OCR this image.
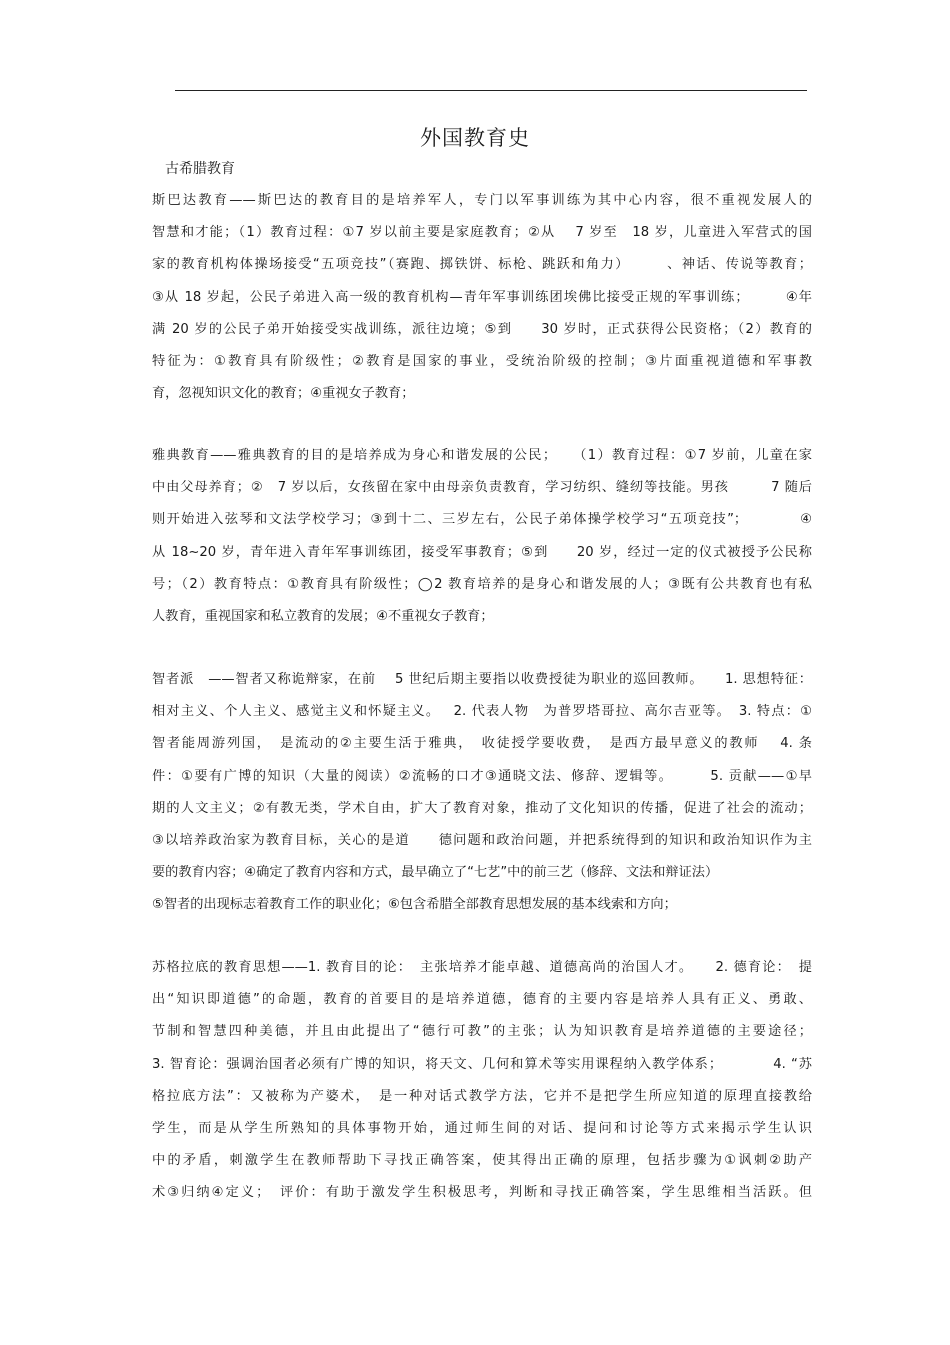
外国教育史
古希腊教育
斯巴达教育——斯巴达的教育目的是培养军人，专门以军事训练为其中心内容，很不重视发展人的
智慧和才能；（1）教育过程：①7 岁以前主要是家庭教育；②从　 7 岁至　18 岁，儿童进入军营式的国
家的教育机构体操场接受“五项竞技”（赛跑、掷铁饼、标枪、跳跃和角力）　　　、神话、传说等教育；
③从 18 岁起，公民子弟进入高一级的教育机构—青年军事训练团埃佛比接受正规的军事训练；　　　④年
满 20 岁的公民子弟开始接受实战训练，派往边境；⑤到　　30 岁时，正式获得公民资格；（2）教育的
特征为：①教育具有阶级性；②教育是国家的事业，受统治阶级的控制；③片面重视道德和军事教
育，忽视知识文化的教育；④重视女子教育；
雅典教育——雅典教育的目的是培养成为身心和谐发展的公民；　　（1）教育过程：①7 岁前，儿童在家
中由父母养育；②　7 岁以后，女孩留在家中由母亲负责教育，学习纺织、缝纫等技能。男孩　　　7 随后
则开始进入弦琴和文法学校学习；③到十二、三岁左右，公民子弟体操学校学习“五项竞技”；　　　　④
从 18~20 岁，青年进入青年军事训练团，接受军事教育；⑤到　　20 岁，经过一定的仪式被授予公民称
号；（2）教育特点：①教育具有阶级性；◯2 教育培养的是身心和谐发展的人；③既有公共教育也有私
人教育，重视国家和私立教育的发展；④不重视女子教育；
智者派　——智者又称诡辩家，在前　 5 世纪后期主要指以收费授徒为职业的巡回教师。　　1. 思想特征：
相对主义、个人主义、感觉主义和怀疑主义。　 2. 代表人物　为普罗塔哥拉、高尔吉亚等。　3. 特点：①
智者能周游列国，　是流动的②主要生活于雅典，　收徒授学要收费，　是西方最早意义的教师　 4. 条
件：①要有广博的知识（大量的阅读）②流畅的口才③通晓文法、修辞、逻辑等。　　　5. 贡献——①早
期的人文主义；②有教无类，学术自由，扩大了教育对象，推动了文化知识的传播，促进了社会的流动；
③以培养政治家为教育目标，关心的是道　　德问题和政治问题，并把系统得到的知识和政治知识作为主
要的教育内容；④确定了教育内容和方式，最早确立了“七艺”中的前三艺（修辞、文法和辩证法）
⑤智者的出现标志着教育工作的职业化；⑥包含希腊全部教育思想发展的基本线索和方向；
苏格拉底的教育思想——1. 教育目的论：　主张培养才能卓越、道德高尚的治国人才。　　2. 德育论：　提
出“知识即道德”的命题，教育的首要目的是培养道德，德育的主要内容是培养人具有正义、勇敢、
节制和智慧四种美德，并且由此提出了“德行可教”的主张；认为知识教育是培养道德的主要途径；
3. 智育论：强调治国者必须有广博的知识，将天文、几何和算术等实用课程纳入教学体系；　　　　4. “苏
格拉底方法”：又被称为产婆术，　是一种对话式教学方法，它并不是把学生所应知道的原理直接教给
学生，而是从学生所熟知的具体事物开始，通过师生间的对话、提问和讨论等方式来揭示学生认识
中的矛盾，刺激学生在教师帮助下寻找正确答案，使其得出正确的原理，包括步骤为①讽刺②助产
术③归纳④定义；　评价：有助于激发学生积极思考，判断和寻找正确答案，学生思维相当活跃。但
